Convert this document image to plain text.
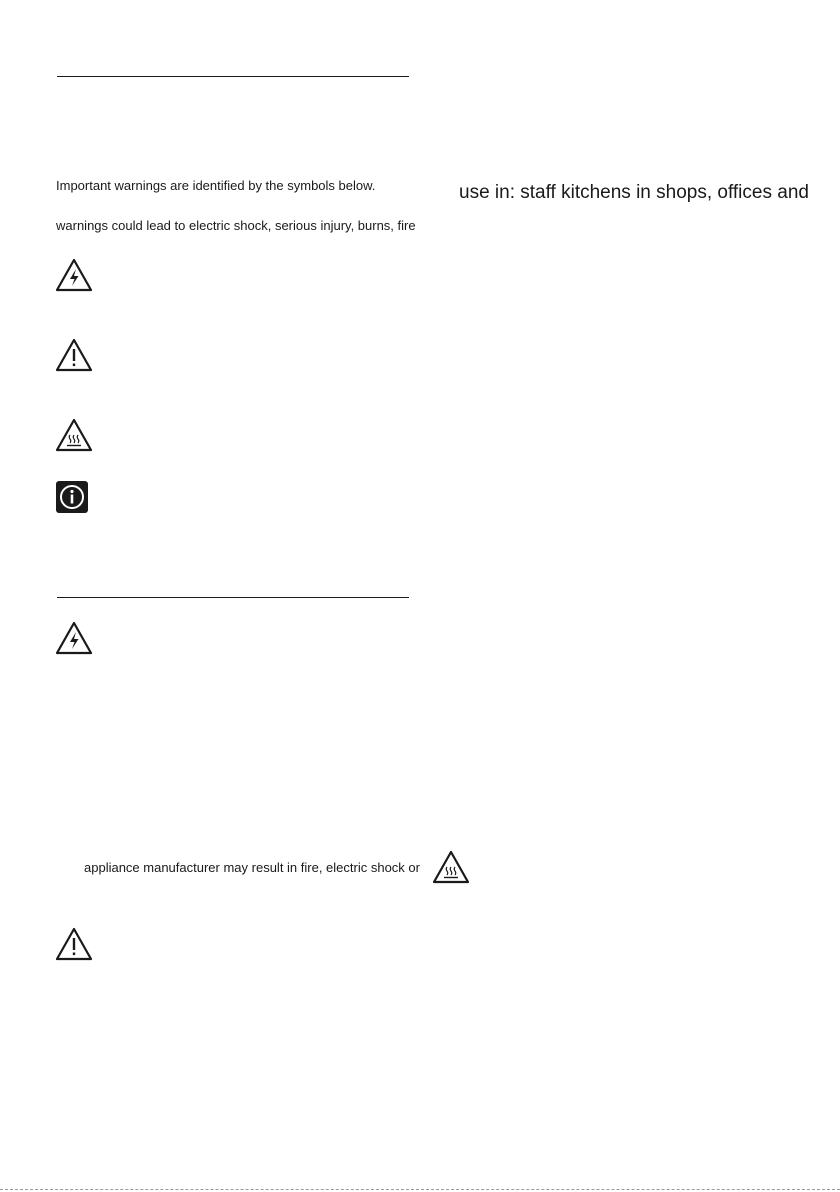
Important warnings are identified by the symbols below.
warnings could lead to electric shock, serious injury, burns, fire
appliance manufacturer may result in fire, electric shock or
use in: staff kitchens in shops, offices and
